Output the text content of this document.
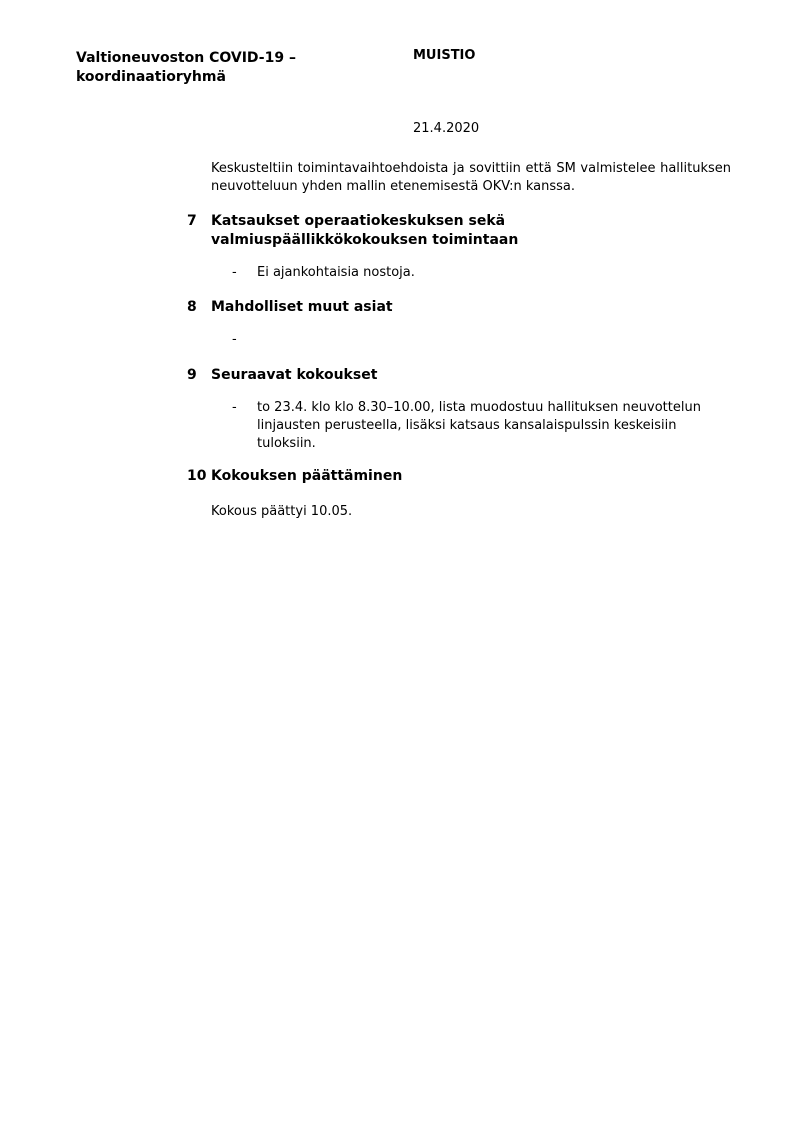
Valtioneuvoston COVID-19 –
koordinaatioryhmä
MUISTIO
21.4.2020
Keskusteltiin toimintavaihtoehdoista ja sovittiin että SM valmistelee hallituksen neuvotteluun yhden mallin etenemisestä OKV:n kanssa.
7 Katsaukset operaatiokeskuksen sekä valmiuspäällikkökokouksen toimintaan
- Ei ajankohtaisia nostoja.
8 Mahdolliset muut asiat
-
9 Seuraavat kokoukset
- to 23.4. klo klo 8.30–10.00, lista muodostuu hallituksen neuvottelun linjausten perusteella, lisäksi katsaus kansalaispulssin keskeisiin tuloksiin.
10 Kokouksen päättäminen
Kokous päättyi 10.05.
